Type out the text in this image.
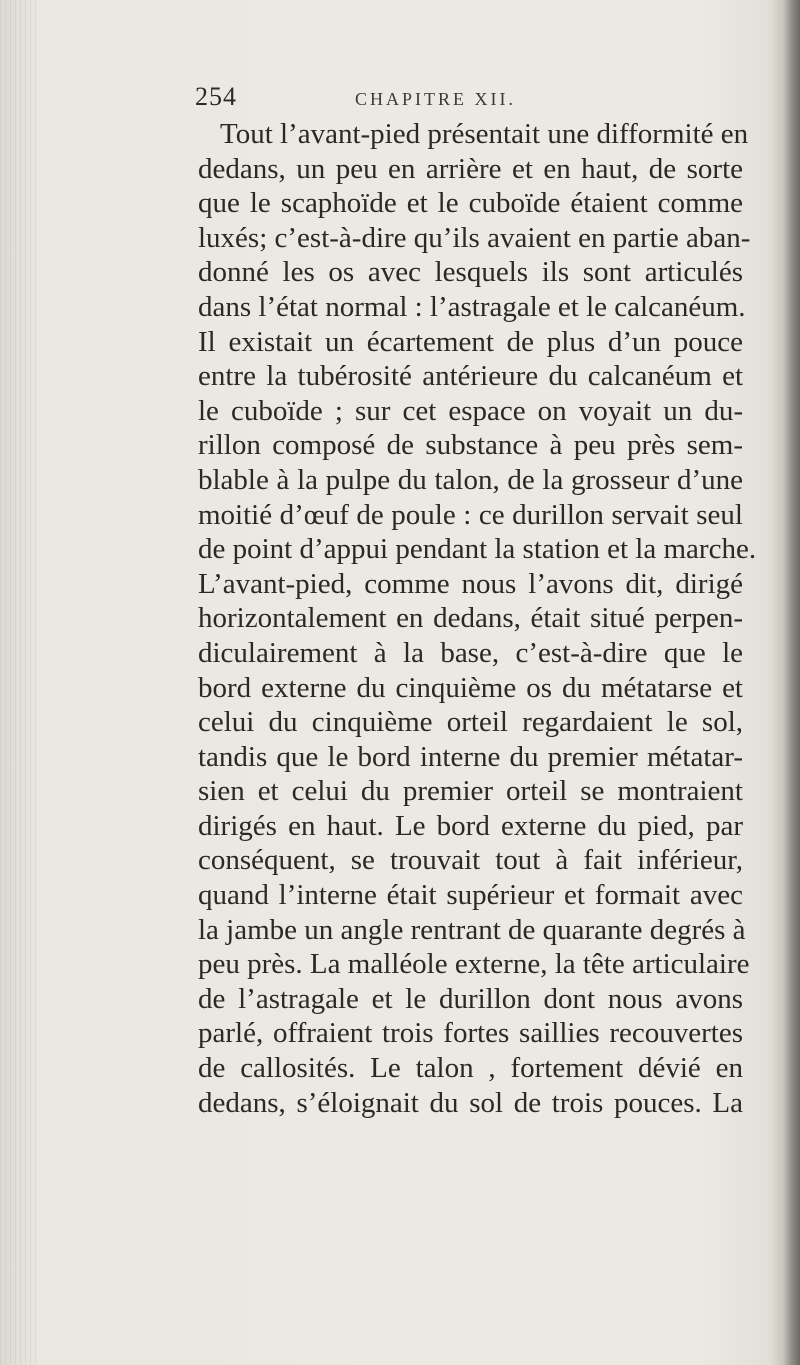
254	CHAPITRE XII.
Tout l’avant-pied présentait une difformité en
dedans, un peu en arrière et en haut, de sorte
que le scaphoïde et le cuboïde étaient comme
luxés; c’est-à-dire qu’ils avaient en partie aban-
donné les os avec lesquels ils sont articulés
dans l’état normal : l’astragale et le calcanéum.
Il existait un écartement de plus d’un pouce
entre la tubérosité antérieure du calcanéum et
le cuboïde ; sur cet espace on voyait un du-
rillon composé de substance à peu près sem-
blable à la pulpe du talon, de la grosseur d’une
moitié d’œuf de poule : ce durillon servait seul
de point d’appui pendant la station et la marche.
L’avant-pied, comme nous l’avons dit, dirigé
horizontalement en dedans, était situé perpen-
diculairement à la base, c’est-à-dire que le
bord externe du cinquième os du métatarse et
celui du cinquième orteil regardaient le sol,
tandis que le bord interne du premier métatar-
sien et celui du premier orteil se montraient
dirigés en haut. Le bord externe du pied, par
conséquent, se trouvait tout à fait inférieur,
quand l’interne était supérieur et formait avec
la jambe un angle rentrant de quarante degrés à
peu près. La malléole externe, la tête articulaire
de l’astragale et le durillon dont nous avons
parlé, offraient trois fortes saillies recouvertes
de callosités. Le talon , fortement dévié en
dedans, s’éloignait du sol de trois pouces. La
